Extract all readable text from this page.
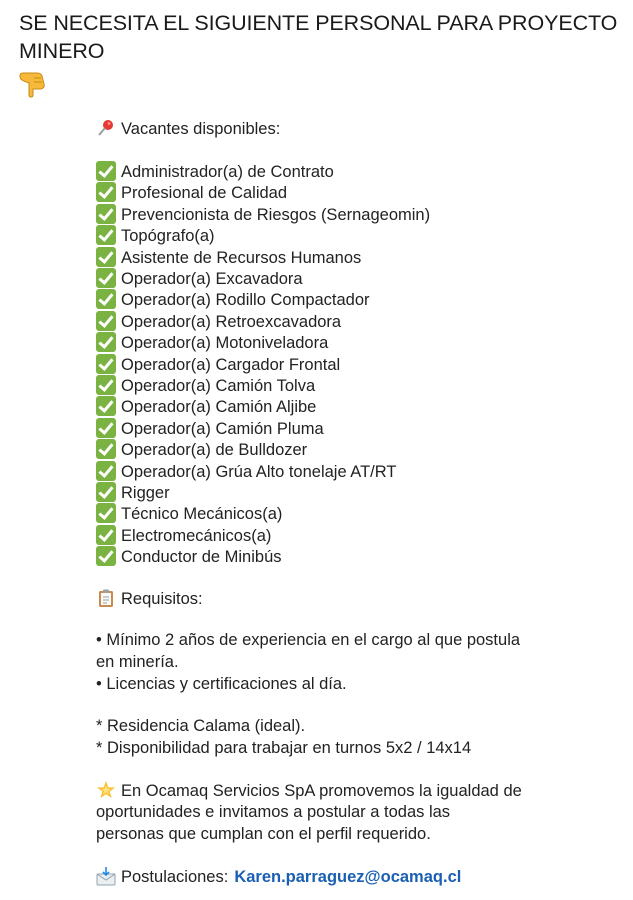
SE NECESITA EL SIGUIENTE PERSONAL PARA PROYECTO MINERO
Vacantes disponibles:
Administrador(a) de Contrato
Profesional de Calidad
Prevencionista de Riesgos (Sernageomin)
Topógrafo(a)
Asistente de Recursos Humanos
Operador(a) Excavadora
Operador(a) Rodillo Compactador
Operador(a) Retroexcavadora
Operador(a) Motoniveladora
Operador(a) Cargador Frontal
Operador(a) Camión Tolva
Operador(a) Camión Aljibe
Operador(a) Camión Pluma
Operador(a) de Bulldozer
Operador(a) Grúa Alto tonelaje AT/RT
Rigger
Técnico Mecánicos(a)
Electromecánicos(a)
Conductor de Minibús
Requisitos:
• Mínimo 2 años de experiencia en el cargo al que postula
en minería.
• Licencias y certificaciones al día.
* Residencia Calama (ideal).
* Disponibilidad para trabajar en turnos 5x2 / 14x14
En Ocamaq Servicios SpA promovemos la igualdad de
oportunidades e invitamos a postular a todas las
personas que cumplan con el perfil requerido.
Postulaciones: Karen.parraguez@ocamaq.cl
